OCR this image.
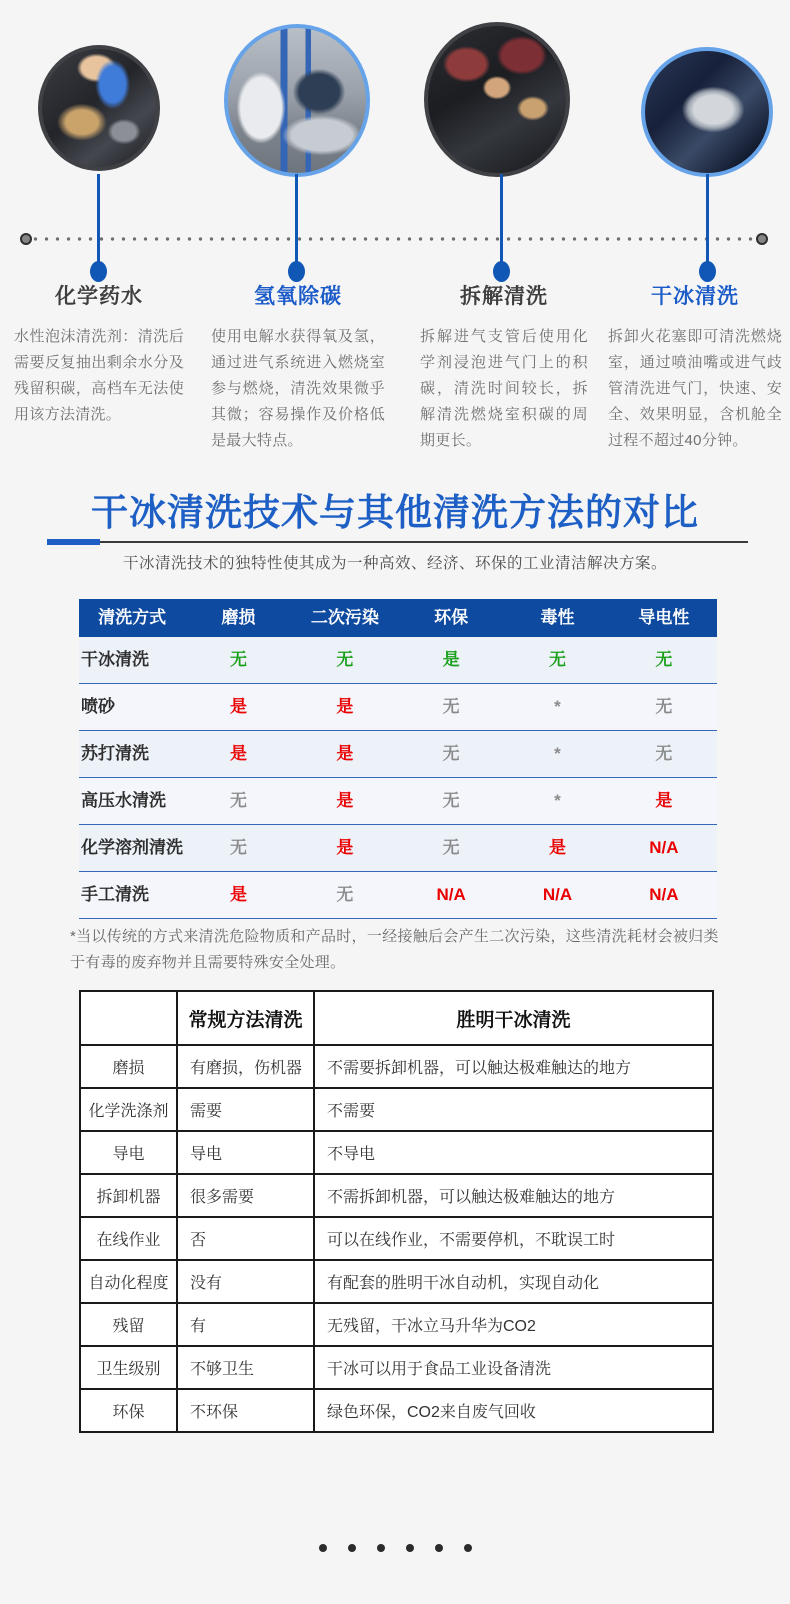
化学药水

水性泡沫清洗剂：清洗后需要反复抽出剩余水分及残留积碳，高档车无法使用该方法清洗。

氢氧除碳

使用电解水获得氧及氢，通过进气系统进入燃烧室参与燃烧，清洗效果微乎其微；容易操作及价格低是最大特点。

拆解清洗

拆解进气支管后使用化学剂浸泡进气门上的积碳，清洗时间较长，拆解清洗燃烧室积碳的周期更长。

干冰清洗

拆卸火花塞即可清洗燃烧室，通过喷油嘴或进气歧管清洗进气门，快速、安全、效果明显，含机舱全过程不超过40分钟。

干冰清洗技术与其他清洗方法的对比

干冰清洗技术的独特性使其成为一种高效、经济、环保的工业清洁解决方案。

清洗方式	磨损	二次污染	环保	毒性	导电性
干冰清洗	无	无	是	无	无
喷砂	是	是	无	*	无
苏打清洗	是	是	无	*	无
高压水清洗	无	是	无	*	是
化学溶剂清洗	无	是	无	是	N/A
手工清洗	是	无	N/A	N/A	N/A

*当以传统的方式来清洗危险物质和产品时，一经接触后会产生二次污染，这些清洗耗材会被归类于有毒的废弃物并且需要特殊安全处理。

	常规方法清洗	胜明干冰清洗
磨损	有磨损，伤机器	不需要拆卸机器，可以触达极难触达的地方
化学洗涤剂	需要	不需要
导电	导电	不导电
拆卸机器	很多需要	不需拆卸机器，可以触达极难触达的地方
在线作业	否	可以在线作业，不需要停机，不耽误工时
自动化程度	没有	有配套的胜明干冰自动机，实现自动化
残留	有	无残留，干冰立马升华为CO2
卫生级别	不够卫生	干冰可以用于食品工业设备清洗
环保	不环保	绿色环保，CO2来自废气回收
